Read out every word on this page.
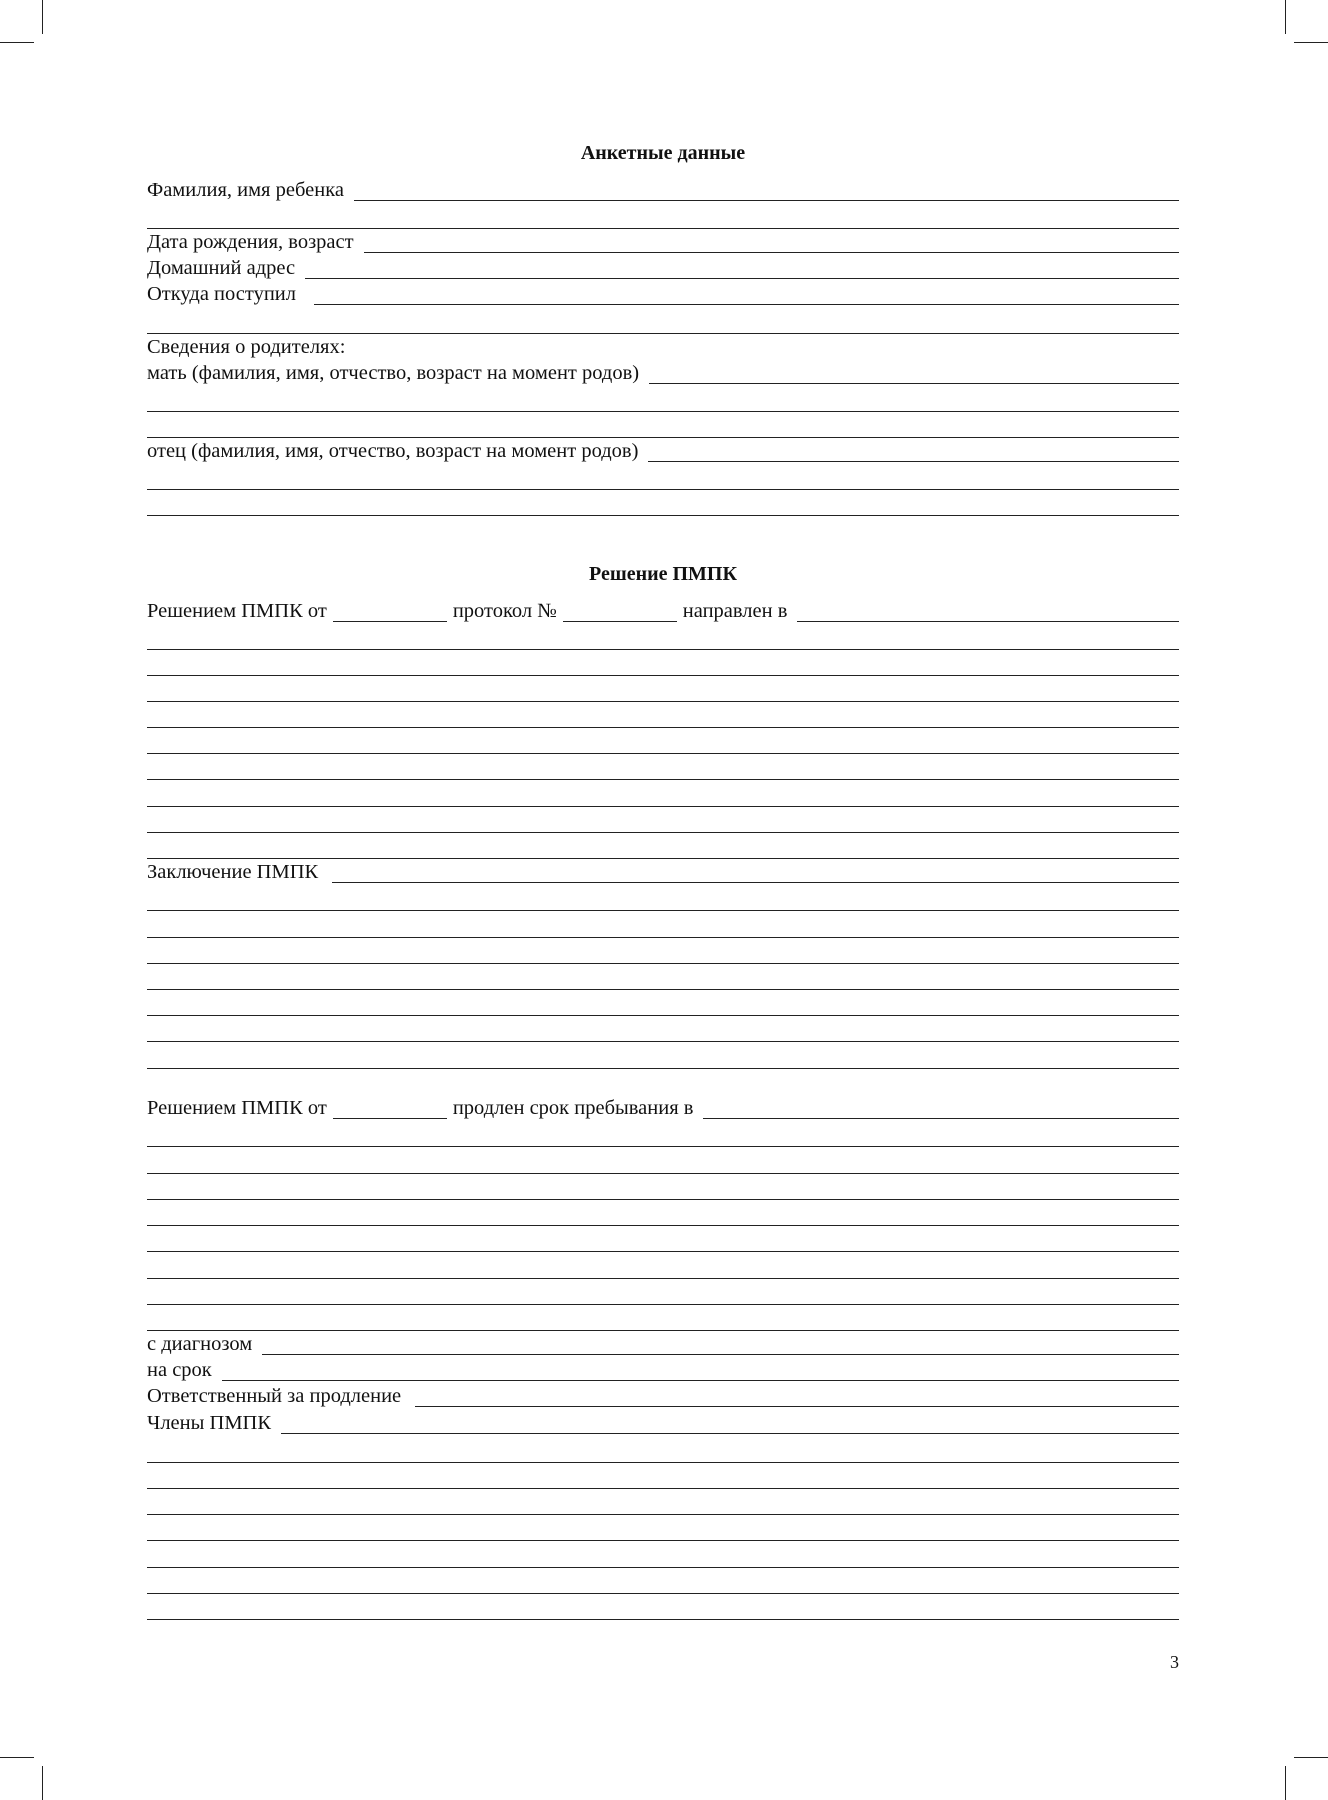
Анкетные данные
Фамилия, имя ребенка
Дата рождения, возраст
Домашний адрес
Откуда поступил
Сведения о родителях:
мать (фамилия, имя, отчество, возраст на момент родов)
отец (фамилия, имя, отчество, возраст на момент родов)
Решение ПМПК
Решением ПМПК от	протокол №	направлен в
Заключение ПМПК
Решением ПМПК от	продлен срок пребывания в
с диагнозом
на срок
Ответственный за продление
Члены ПМПК
3
